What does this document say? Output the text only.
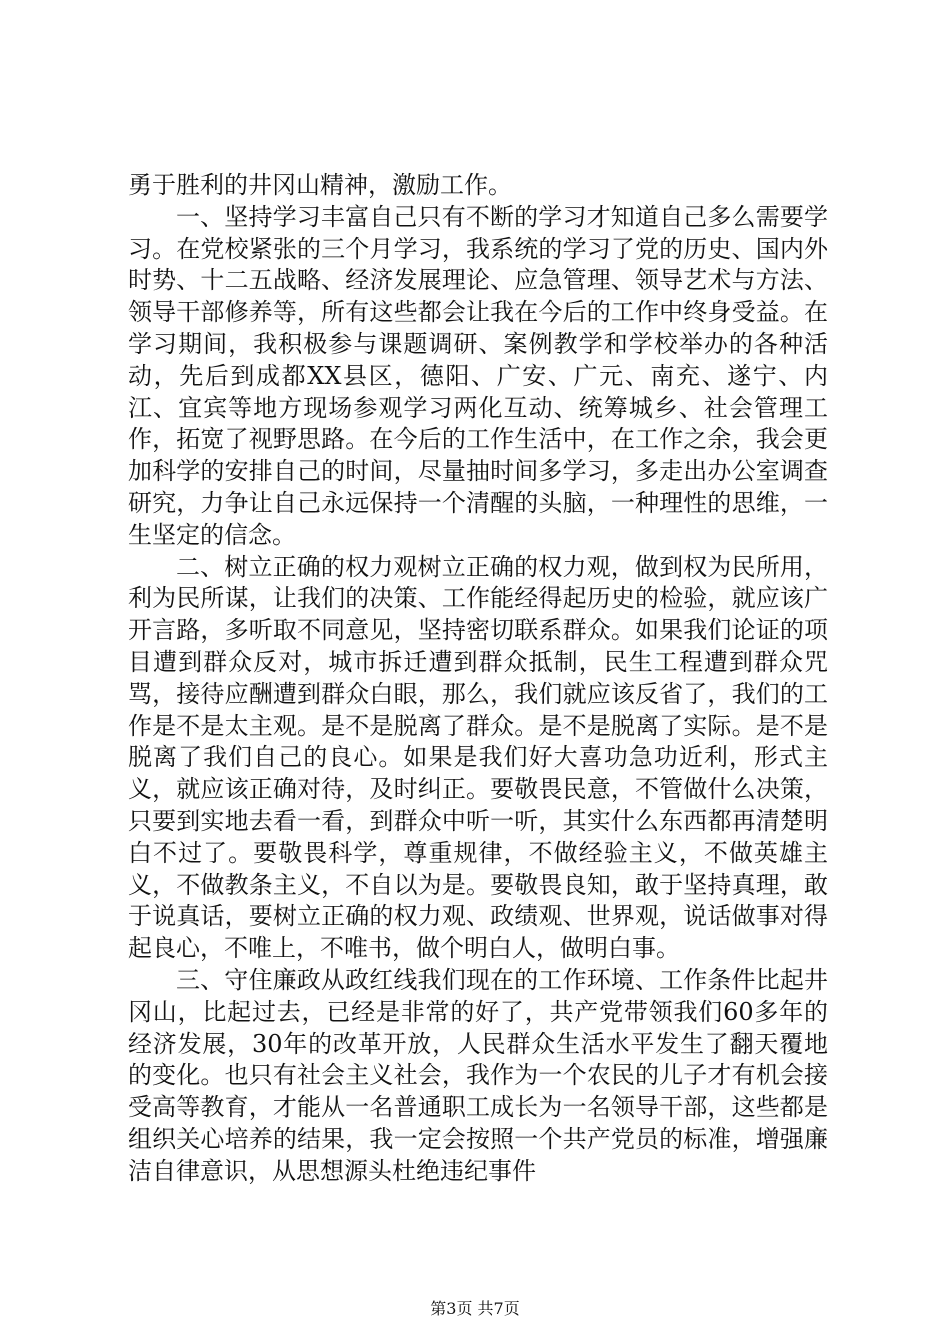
勇于胜利的井冈山精神，激励工作。

一、坚持学习丰富自己只有不断的学习才知道自己多么需要学习。在党校紧张的三个月学习，我系统的学习了党的历史、国内外时势、十二五战略、经济发展理论、应急管理、领导艺术与方法、领导干部修养等，所有这些都会让我在今后的工作中终身受益。在学习期间，我积极参与课题调研、案例教学和学校举办的各种活动，先后到成都XX县区，德阳、广安、广元、南充、遂宁、内江、宜宾等地方现场参观学习两化互动、统筹城乡、社会管理工作，拓宽了视野思路。在今后的工作生活中，在工作之余，我会更加科学的安排自己的时间，尽量抽时间多学习，多走出办公室调查研究，力争让自己永远保持一个清醒的头脑，一种理性的思维，一生坚定的信念。

二、树立正确的权力观树立正确的权力观，做到权为民所用，利为民所谋，让我们的决策、工作能经得起历史的检验，就应该广开言路，多听取不同意见，坚持密切联系群众。如果我们论证的项目遭到群众反对，城市拆迁遭到群众抵制，民生工程遭到群众咒骂，接待应酬遭到群众白眼，那么，我们就应该反省了，我们的工作是不是太主观。是不是脱离了群众。是不是脱离了实际。是不是脱离了我们自己的良心。如果是我们好大喜功急功近利，形式主义，就应该正确对待，及时纠正。要敬畏民意，不管做什么决策，只要到实地去看一看，到群众中听一听，其实什么东西都再清楚明白不过了。要敬畏科学，尊重规律，不做经验主义，不做英雄主义，不做教条主义，不自以为是。要敬畏良知，敢于坚持真理，敢于说真话，要树立正确的权力观、政绩观、世界观，说话做事对得起良心，不唯上，不唯书，做个明白人，做明白事。

三、守住廉政从政红线我们现在的工作环境、工作条件比起井冈山，比起过去，已经是非常的好了，共产党带领我们60多年的经济发展，30年的改革开放，人民群众生活水平发生了翻天覆地的变化。也只有社会主义社会，我作为一个农民的儿子才有机会接受高等教育，才能从一名普通职工成长为一名领导干部，这些都是组织关心培养的结果，我一定会按照一个共产党员的标准，增强廉洁自律意识，从思想源头杜绝违纪事件

第3页 共7页
